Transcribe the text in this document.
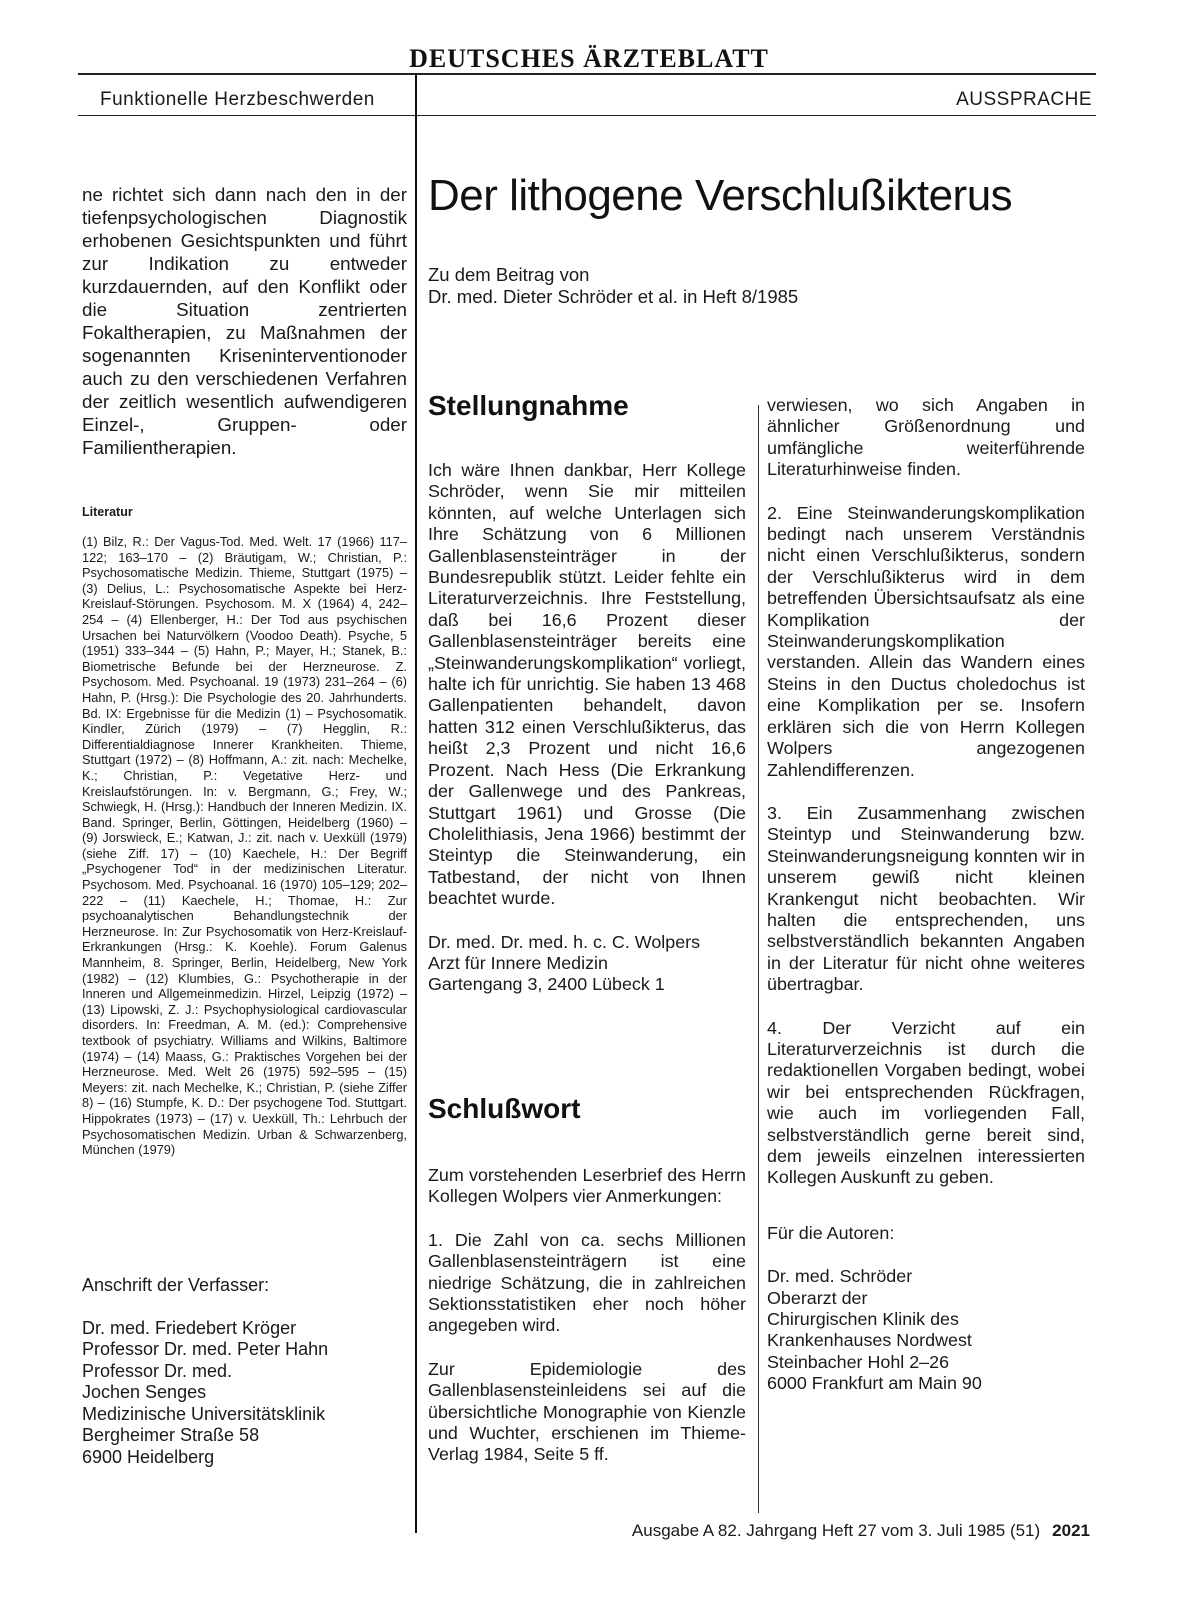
DEUTSCHES ÄRZTEBLATT
Funktionelle Herzbeschwerden	AUSSPRACHE

ne richtet sich dann nach den in der tiefenpsychologischen Diagnostik erhobenen Gesichtspunkten und führt zur Indikation zu entweder kurzdauernden, auf den Konflikt oder die Situation zentrierten Fokaltherapien, zu Maßnahmen der sogenannten Kriseninterventionoder auch zu den verschiedenen Verfahren der zeitlich wesentlich aufwendigeren Einzel-, Gruppen- oder Familientherapien.

Literatur

(1) Bilz, R.: Der Vagus-Tod. Med. Welt. 17 (1966) 117–122; 163–170 – (2) Bräutigam, W.; Christian, P.: Psychosomatische Medizin. Thieme, Stuttgart (1975) – (3) Delius, L.: Psychosomatische Aspekte bei Herz-Kreislauf-Störungen. Psychosom. M. X (1964) 4, 242–254 – (4) Ellenberger, H.: Der Tod aus psychischen Ursachen bei Naturvölkern (Voodoo Death). Psyche, 5 (1951) 333–344 – (5) Hahn, P.; Mayer, H.; Stanek, B.: Biometrische Befunde bei der Herzneurose. Z. Psychosom. Med. Psychoanal. 19 (1973) 231–264 – (6) Hahn, P. (Hrsg.): Die Psychologie des 20. Jahrhunderts. Bd. IX: Ergebnisse für die Medizin (1) – Psychosomatik. Kindler, Zürich (1979) – (7) Hegglin, R.: Differentialdiagnose Innerer Krankheiten. Thieme, Stuttgart (1972) – (8) Hoffmann, A.: zit. nach: Mechelke, K.; Christian, P.: Vegetative Herz- und Kreislaufstörungen. In: v. Bergmann, G.; Frey, W.; Schwiegk, H. (Hrsg.): Handbuch der Inneren Medizin. IX. Band. Springer, Berlin, Göttingen, Heidelberg (1960) – (9) Jorswieck, E.; Katwan, J.: zit. nach v. Uexküll (1979) (siehe Ziff. 17) – (10) Kaechele, H.: Der Begriff „Psychogener Tod“ in der medizinischen Literatur. Psychosom. Med. Psychoanal. 16 (1970) 105–129; 202–222 – (11) Kaechele, H.; Thomae, H.: Zur psychoanalytischen Behandlungstechnik der Herzneurose. In: Zur Psychosomatik von Herz-Kreislauf-Erkrankungen (Hrsg.: K. Koehle). Forum Galenus Mannheim, 8. Springer, Berlin, Heidelberg, New York (1982) – (12) Klumbies, G.: Psychotherapie in der Inneren und Allgemeinmedizin. Hirzel, Leipzig (1972) – (13) Lipowski, Z. J.: Psychophysiological cardiovascular disorders. In: Freedman, A. M. (ed.): Comprehensive textbook of psychiatry. Williams and Wilkins, Baltimore (1974) – (14) Maass, G.: Praktisches Vorgehen bei der Herzneurose. Med. Welt 26 (1975) 592–595 – (15) Meyers: zit. nach Mechelke, K.; Christian, P. (siehe Ziffer 8) – (16) Stumpfe, K. D.: Der psychogene Tod. Stuttgart. Hippokrates (1973) – (17) v. Uexküll, Th.: Lehrbuch der Psychosomatischen Medizin. Urban & Schwarzenberg, München (1979)

Anschrift der Verfasser:
Dr. med. Friedebert Kröger
Professor Dr. med. Peter Hahn
Professor Dr. med.
Jochen Senges
Medizinische Universitätsklinik
Bergheimer Straße 58
6900 Heidelberg
Der lithogene Verschlußikterus
Zu dem Beitrag von
Dr. med. Dieter Schröder et al. in Heft 8/1985
Stellungnahme

Ich wäre Ihnen dankbar, Herr Kollege Schröder, wenn Sie mir mitteilen könnten, auf welche Unterlagen sich Ihre Schätzung von 6 Millionen Gallenblasensteinträger in der Bundesrepublik stützt. Leider fehlte ein Literaturverzeichnis. Ihre Feststellung, daß bei 16,6 Prozent dieser Gallenblasensteinträger bereits eine „Steinwanderungskomplikation“ vorliegt, halte ich für unrichtig. Sie haben 13 468 Gallenpatienten behandelt, davon hatten 312 einen Verschlußikterus, das heißt 2,3 Prozent und nicht 16,6 Prozent. Nach Hess (Die Erkrankung der Gallenwege und des Pankreas, Stuttgart 1961) und Grosse (Die Cholelithiasis, Jena 1966) bestimmt der Steintyp die Steinwanderung, ein Tatbestand, der nicht von Ihnen beachtet wurde.

Dr. med. Dr. med. h. c. C. Wolpers
Arzt für Innere Medizin
Gartengang 3, 2400 Lübeck 1
Schlußwort

Zum vorstehenden Leserbrief des Herrn Kollegen Wolpers vier Anmerkungen:

1. Die Zahl von ca. sechs Millionen Gallenblasensteinträgern ist eine niedrige Schätzung, die in zahlreichen Sektionsstatistiken eher noch höher angegeben wird.

Zur Epidemiologie des Gallenblasensteinleidens sei auf die übersichtliche Monographie von Kienzle und Wuchter, erschienen im Thieme-Verlag 1984, Seite 5 ff.

verwiesen, wo sich Angaben in ähnlicher Größenordnung und umfängliche weiterführende Literaturhinweise finden.

2. Eine Steinwanderungskomplikation bedingt nach unserem Verständnis nicht einen Verschlußikterus, sondern der Verschlußikterus wird in dem betreffenden Übersichtsaufsatz als eine Komplikation der Steinwanderungskomplikation verstanden. Allein das Wandern eines Steins in den Ductus choledochus ist eine Komplikation per se. Insofern erklären sich die von Herrn Kollegen Wolpers angezogenen Zahlendifferenzen.

3. Ein Zusammenhang zwischen Steintyp und Steinwanderung bzw. Steinwanderungsneigung konnten wir in unserem gewiß nicht kleinen Krankengut nicht beobachten. Wir halten die entsprechenden, uns selbstverständlich bekannten Angaben in der Literatur für nicht ohne weiteres übertragbar.

4. Der Verzicht auf ein Literaturverzeichnis ist durch die redaktionellen Vorgaben bedingt, wobei wir bei entsprechenden Rückfragen, wie auch im vorliegenden Fall, selbstverständlich gerne bereit sind, dem jeweils einzelnen interessierten Kollegen Auskunft zu geben.

Für die Autoren:
Dr. med. Schröder
Oberarzt der
Chirurgischen Klinik des
Krankenhauses Nordwest
Steinbacher Hohl 2–26
6000 Frankfurt am Main 90
Ausgabe A 82. Jahrgang Heft 27 vom 3. Juli 1985 (51) 2021
